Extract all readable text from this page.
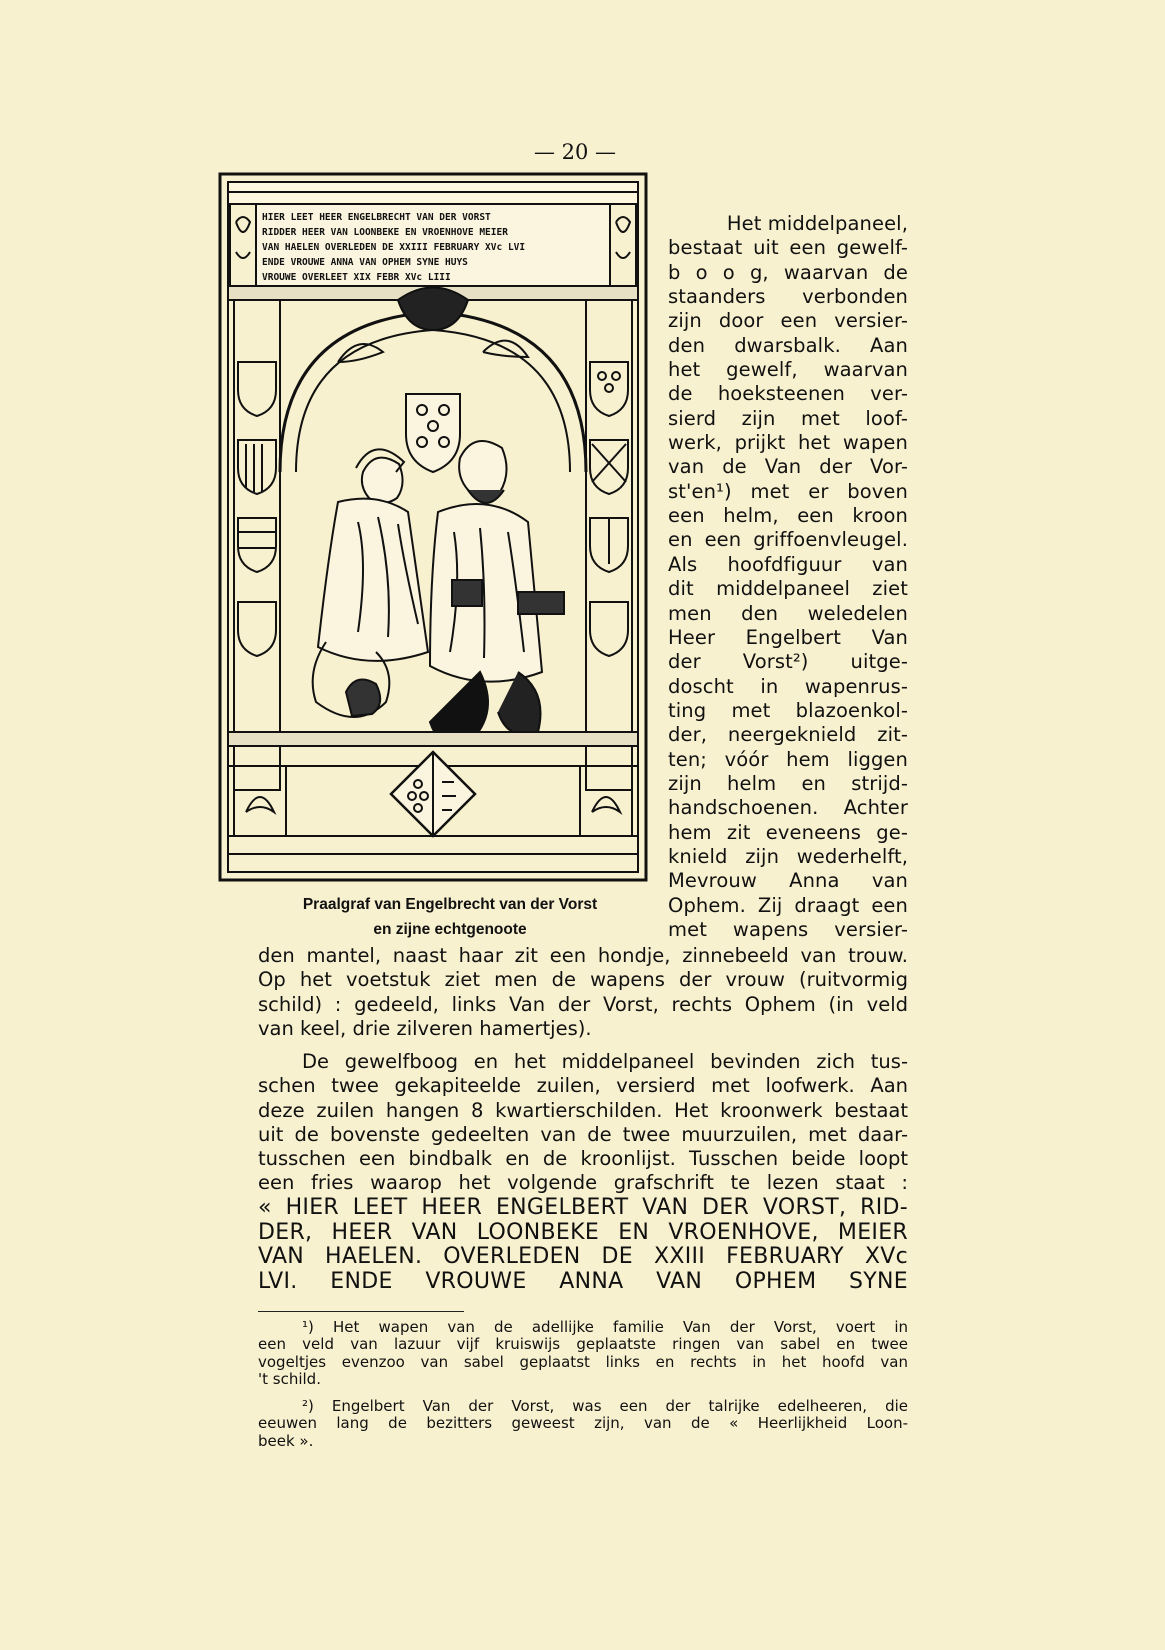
— 20 —
HIER LEET HEER ENGELBRECHT VAN DER VORST
RIDDER HEER VAN LOONBEKE EN VROENHOVE MEIER
VAN HAELEN OVERLEDEN DE XXIII FEBRUARY XVc LVI
ENDE VROUWE ANNA VAN OPHEM SYNE HUYS
VROUWE OVERLEET XIX FEBR XVc LIII
Praalgraf van Engelbrecht van der Vorst
en zijne echtgenoote
Het middelpaneel,
bestaat uit een gewelf-
b o o g, waarvan de
staanders verbonden
zijn door een versier-
den dwarsbalk. Aan
het gewelf, waarvan
de hoeksteenen ver-
sierd zijn met loof-
werk, prijkt het wapen
van de Van der Vor-
st'en¹) met er boven
een helm, een kroon
en een griffoenvleugel.
Als hoofdfiguur van
dit middelpaneel ziet
men den weledelen
Heer Engelbert Van
der Vorst²) uitge-
doscht in wapenrus-
ting met blazoenkol-
der, neergeknield zit-
ten; vóór hem liggen
zijn helm en strijd-
handschoenen. Achter
hem zit eveneens ge-
knield zijn wederhelft,
Mevrouw Anna van
Ophem. Zij draagt een
met wapens versier-
den mantel, naast haar zit een hondje, zinnebeeld van trouw.
Op het voetstuk ziet men de wapens der vrouw (ruitvormig
schild) : gedeeld, links Van der Vorst, rechts Ophem (in veld
van keel, drie zilveren hamertjes).
De gewelfboog en het middelpaneel bevinden zich tus-
schen twee gekapiteelde zuilen, versierd met loofwerk. Aan
deze zuilen hangen 8 kwartierschilden. Het kroonwerk bestaat
uit de bovenste gedeelten van de twee muurzuilen, met daar-
tusschen een bindbalk en de kroonlijst. Tusschen beide loopt
een fries waarop het volgende grafschrift te lezen staat :
« HIER LEET HEER ENGELBERT VAN DER VORST, RID-
DER, HEER VAN LOONBEKE EN VROENHOVE, MEIER
VAN HAELEN. OVERLEDEN DE XXIII FEBRUARY XVc
LVI. ENDE VROUWE ANNA VAN OPHEM SYNE
¹) Het wapen van de adellijke familie Van der Vorst, voert in
een veld van lazuur vijf kruiswijs geplaatste ringen van sabel en twee
vogeltjes evenzoo van sabel geplaatst links en rechts in het hoofd van
't schild.
²) Engelbert Van der Vorst, was een der talrijke edelheeren, die
eeuwen lang de bezitters geweest zijn, van de « Heerlijkheid Loon-
beek ».
